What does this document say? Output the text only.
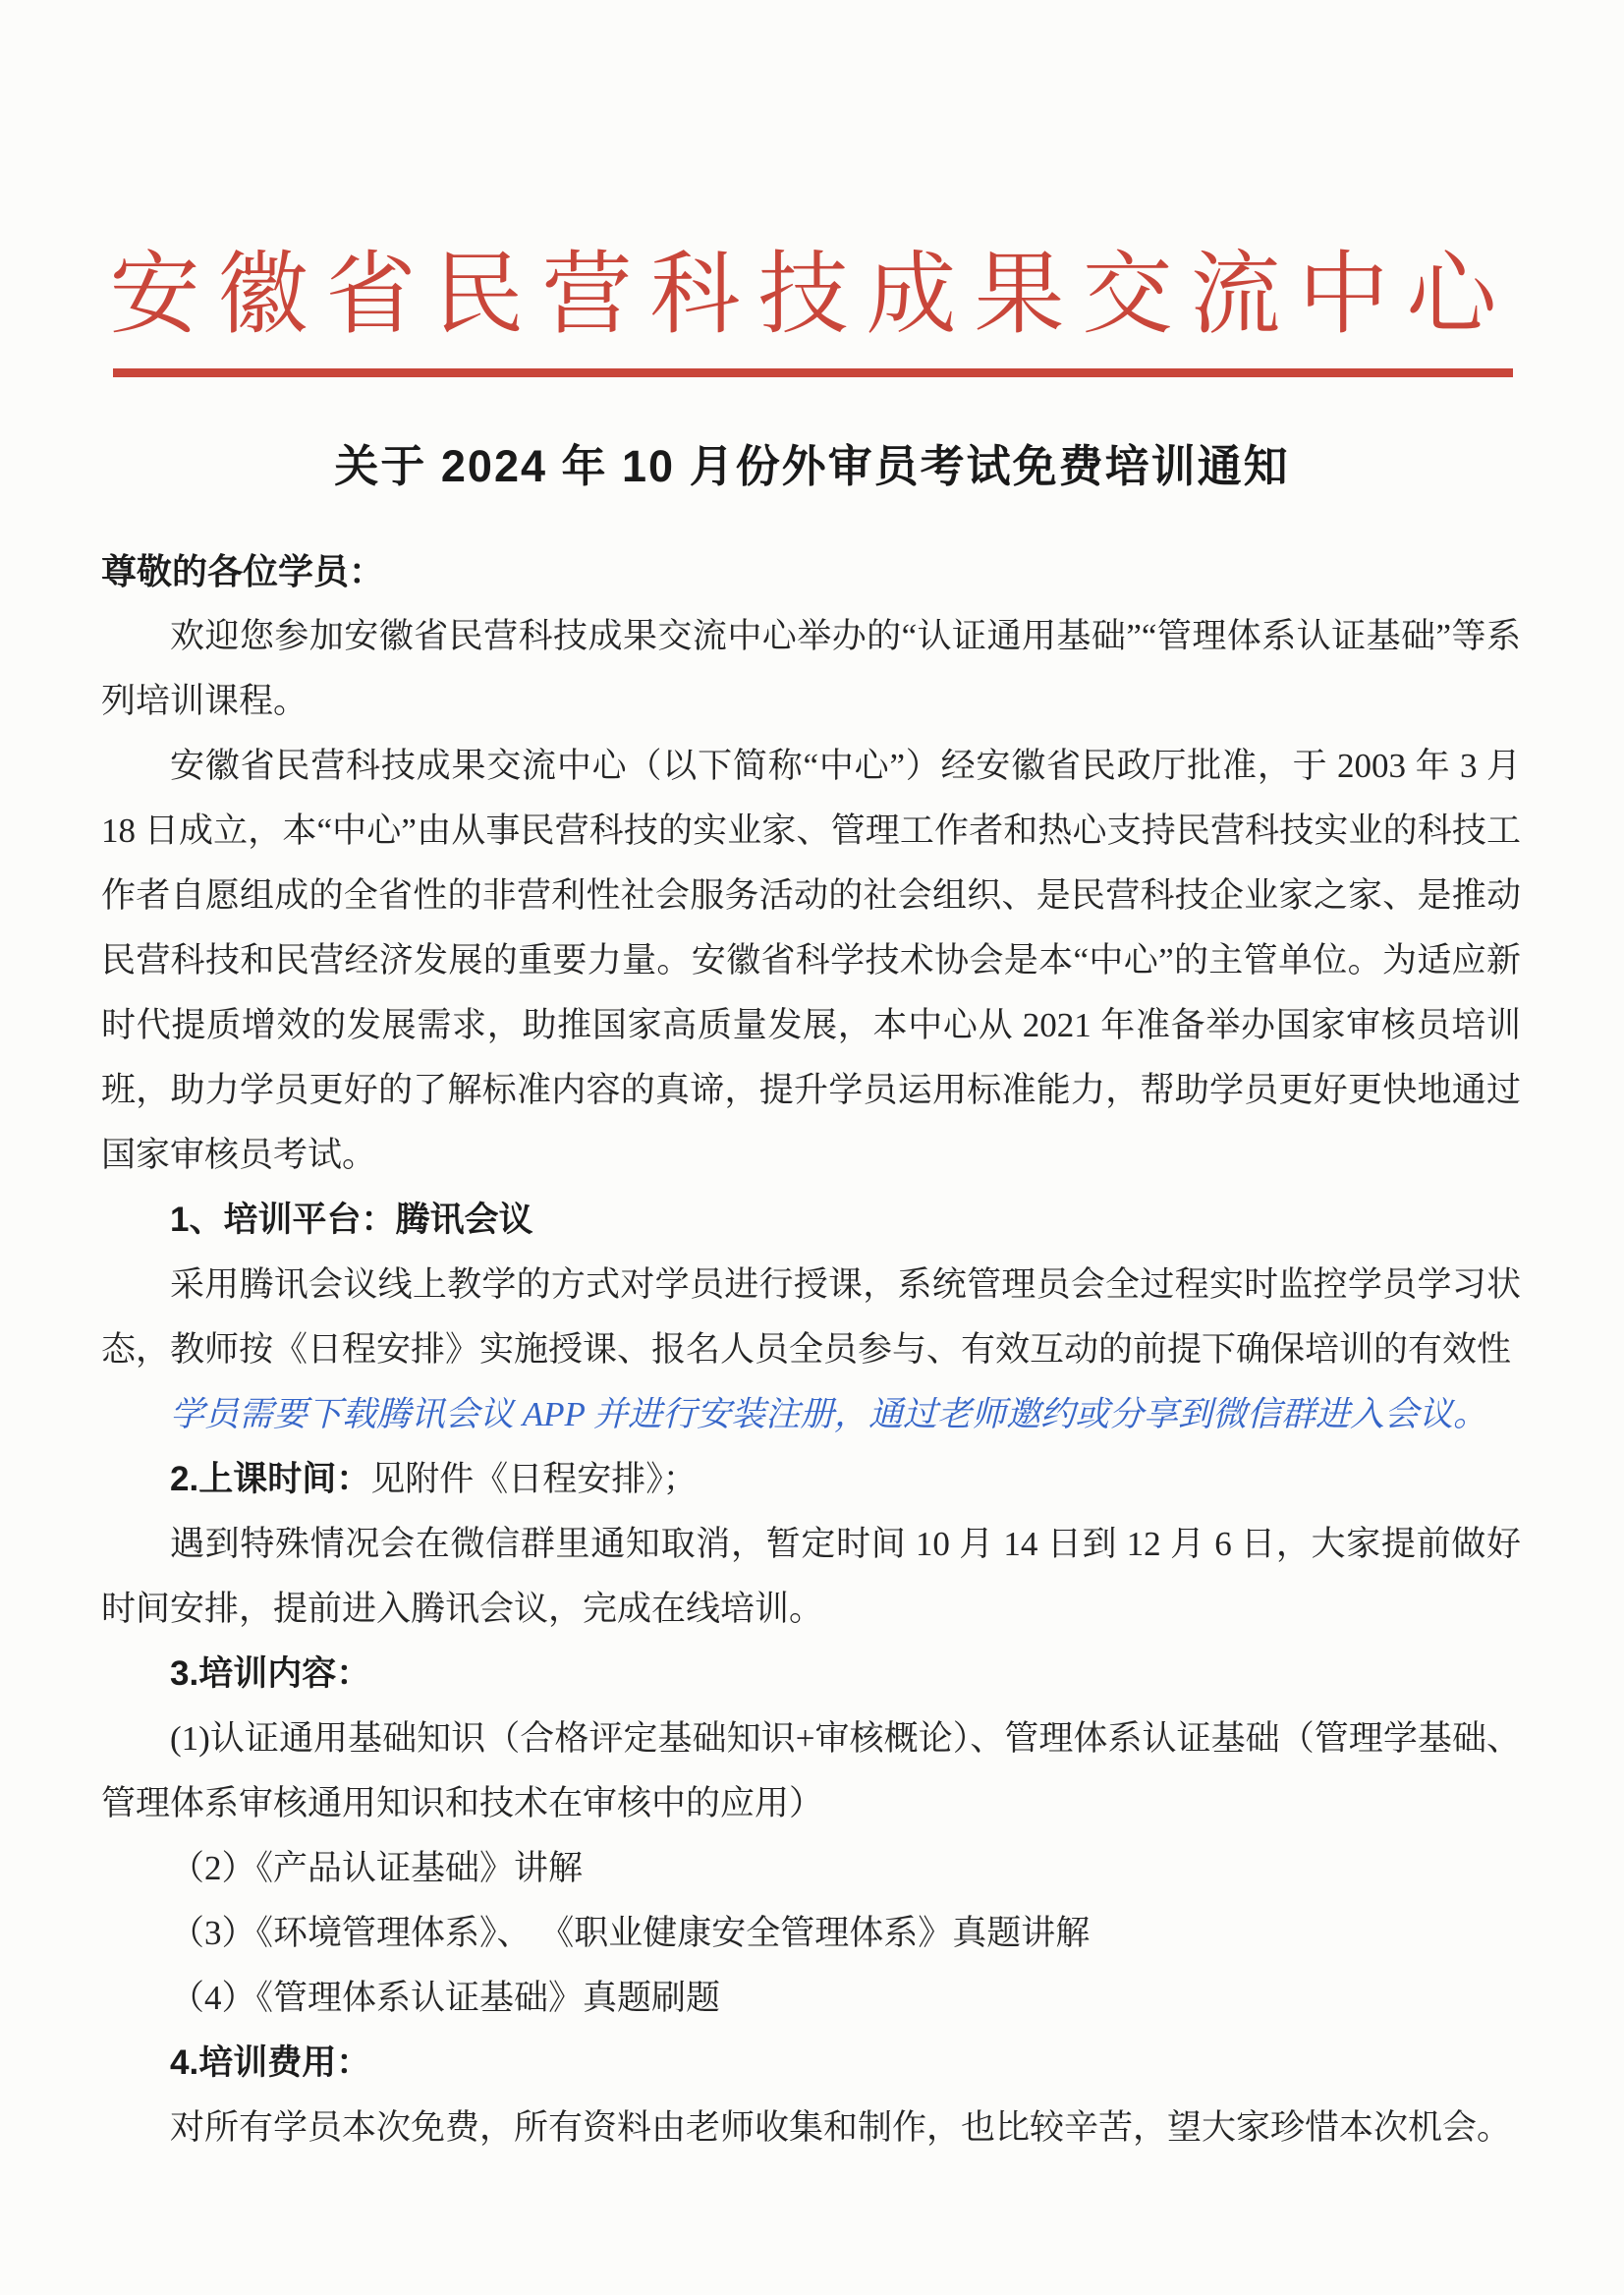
安徽省民营科技成果交流中心
关于 2024 年 10 月份外审员考试免费培训通知

尊敬的各位学员：

欢迎您参加安徽省民营科技成果交流中心举办的“认证通用基础”“管理体系认证基础”等系列培训课程。

安徽省民营科技成果交流中心（以下简称“中心”）经安徽省民政厅批准，于 2003 年 3 月 18 日成立，本“中心”由从事民营科技的实业家、管理工作者和热心支持民营科技实业的科技工作者自愿组成的全省性的非营利性社会服务活动的社会组织、是民营科技企业家之家、是推动民营科技和民营经济发展的重要力量。安徽省科学技术协会是本“中心”的主管单位。为适应新时代提质增效的发展需求，助推国家高质量发展，本中心从 2021 年准备举办国家审核员培训班，助力学员更好的了解标准内容的真谛，提升学员运用标准能力，帮助学员更好更快地通过国家审核员考试。

1、培训平台：腾讯会议

采用腾讯会议线上教学的方式对学员进行授课，系统管理员会全过程实时监控学员学习状态，教师按《日程安排》实施授课、报名人员全员参与、有效互动的前提下确保培训的有效性

学员需要下载腾讯会议 APP 并进行安装注册，通过老师邀约或分享到微信群进入会议。

2.上课时间：见附件《日程安排》；

遇到特殊情况会在微信群里通知取消，暂定时间 10 月 14 日到 12 月 6 日，大家提前做好时间安排，提前进入腾讯会议，完成在线培训。

3.培训内容：

(1)认证通用基础知识（合格评定基础知识+审核概论）、管理体系认证基础（管理学基础、管理体系审核通用知识和技术在审核中的应用）

（2）《产品认证基础》讲解

（3）《环境管理体系》、 《职业健康安全管理体系》真题讲解

（4）《管理体系认证基础》真题刷题

4.培训费用：

对所有学员本次免费，所有资料由老师收集和制作，也比较辛苦，望大家珍惜本次机会。
